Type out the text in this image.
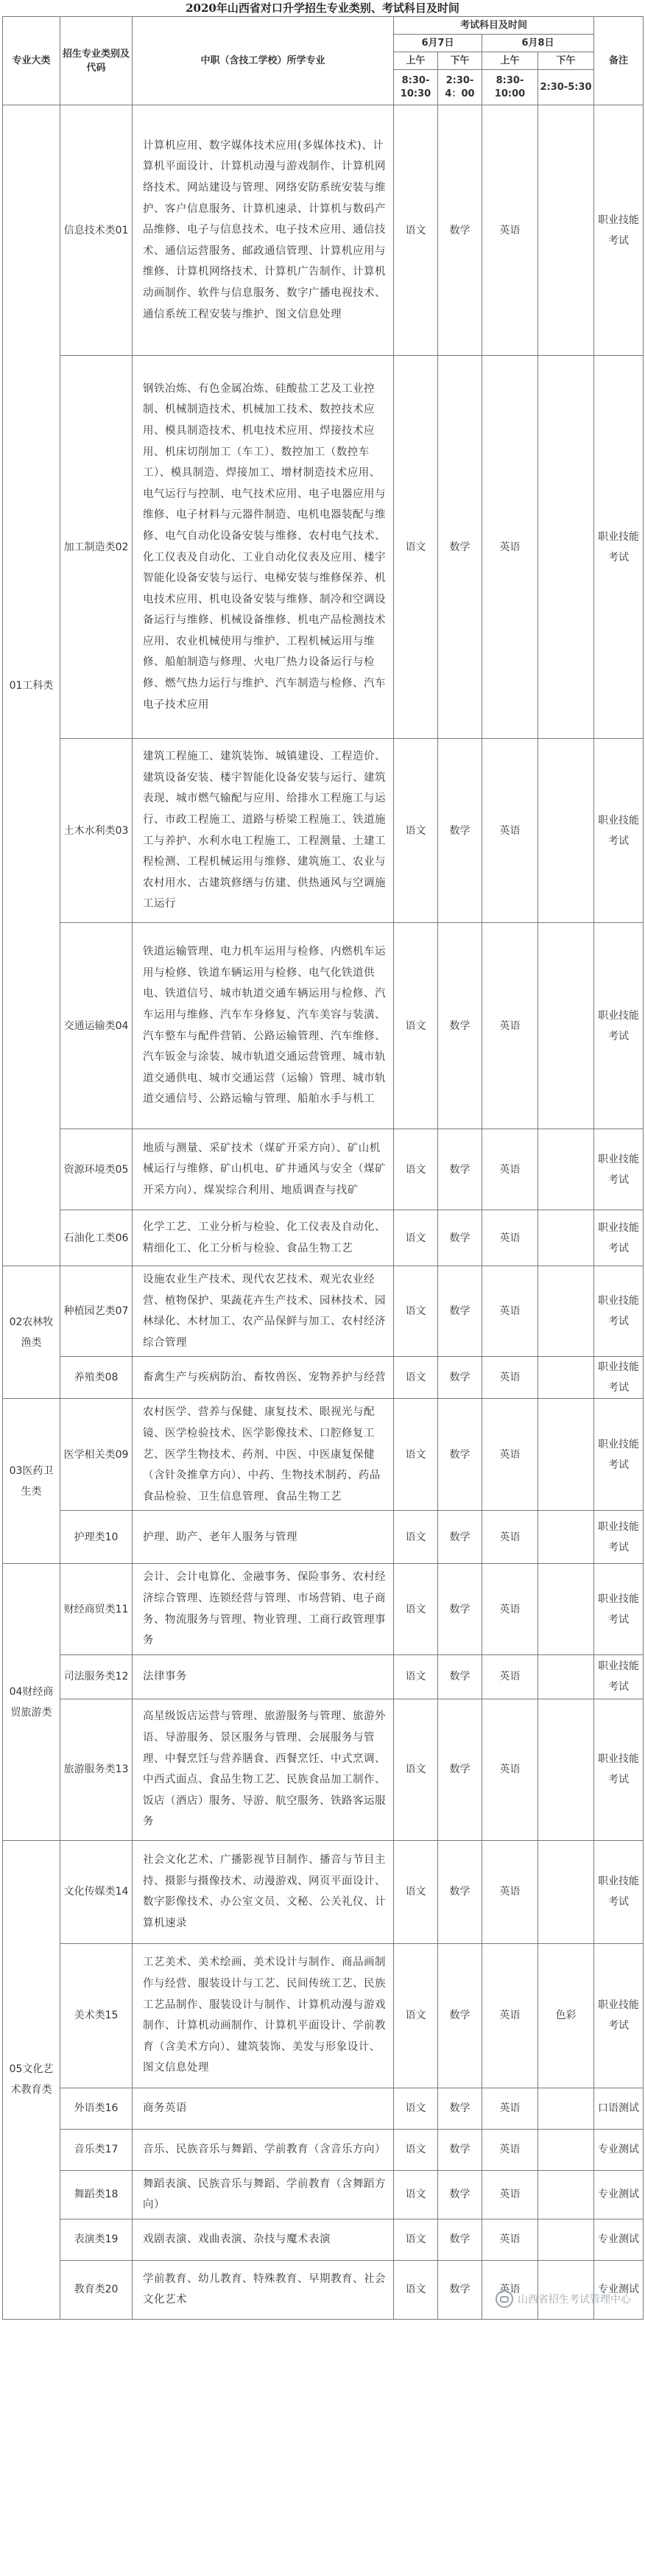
2020年山西省对口升学招生专业类别、考试科目及时间
专业大类	招生专业类别及代码	中职（含技工学校）所学专业	考试科目及时间				备注
			6月7日		6月8日		
			上午	下午	上午	下午	
			8:30-10:30	2:30-4：00	8:30-10:00	2:30-5:30	
01工科类	信息技术类01	计算机应用、数字媒体技术应用(多媒体技术)、计算机平面设计、计算机动漫与游戏制作、计算机网络技术、网站建设与管理、网络安防系统安装与维护、客户信息服务、计算机速录、计算机与数码产品维修、电子与信息技术、电子技术应用、通信技术、通信运营服务、邮政通信管理、计算机应用与维修、计算机网络技术、计算机广告制作、计算机动画制作、软件与信息服务、数字广播电视技术、通信系统工程安装与维护、图文信息处理	语文	数学	英语		职业技能考试
	加工制造类02	钢铁冶炼、有色金属冶炼、硅酸盐工艺及工业控制、机械制造技术、机械加工技术、数控技术应用、模具制造技术、机电技术应用、焊接技术应用、机床切削加工（车工）、数控加工（数控车工）、模具制造、焊接加工、增材制造技术应用、电气运行与控制、电气技术应用、电子电器应用与维修、电子材料与元器件制造、电机电器装配与维修、电气自动化设备安装与维修、农村电气技术、化工仪表及自动化、工业自动化仪表及应用、楼宇智能化设备安装与运行、电梯安装与维修保养、机电技术应用、机电设备安装与维修、制冷和空调设备运行与维修、机械设备维修、机电产品检测技术应用、农业机械使用与维护、工程机械运用与维修、船舶制造与修理、火电厂热力设备运行与检修、燃气热力运行与维护、汽车制造与检修、汽车电子技术应用	语文	数学	英语		职业技能考试
	土木水利类03	建筑工程施工、建筑装饰、城镇建设、工程造价、建筑设备安装、楼宇智能化设备安装与运行、建筑表现、城市燃气输配与应用、给排水工程施工与运行、市政工程施工、道路与桥梁工程施工、铁道施工与养护、水利水电工程施工、工程测量、土建工程检测、工程机械运用与维修、建筑施工、农业与农村用水、古建筑修缮与仿建、供热通风与空调施工运行	语文	数学	英语		职业技能考试
	交通运输类04	铁道运输管理、电力机车运用与检修、内燃机车运用与检修、铁道车辆运用与检修、电气化铁道供电、铁道信号、城市轨道交通车辆运用与检修、汽车运用与维修、汽车车身修复、汽车美容与装潢、汽车整车与配件营销、公路运输管理、汽车维修、汽车钣金与涂装、城市轨道交通运营管理、城市轨道交通供电、城市交通运营（运输）管理、城市轨道交通信号、公路运输与管理、船舶水手与机工	语文	数学	英语		职业技能考试
	资源环境类05	地质与测量、采矿技术（煤矿开采方向）、矿山机械运行与维修、矿山机电、矿井通风与安全（煤矿开采方向）、煤炭综合利用、地质调查与找矿	语文	数学	英语		职业技能考试
	石油化工类06	化学工艺、工业分析与检验、化工仪表及自动化、精细化工、化工分析与检验、食品生物工艺	语文	数学	英语		职业技能考试
02农林牧渔类	种植园艺类07	设施农业生产技术、现代农艺技术、观光农业经营、植物保护、果蔬花卉生产技术、园林技术、园林绿化、木材加工、农产品保鲜与加工、农村经济综合管理	语文	数学	英语		职业技能考试
	养殖类08	畜禽生产与疾病防治、畜牧兽医、宠物养护与经营	语文	数学	英语		职业技能考试
03医药卫生类	医学相关类09	农村医学、营养与保健、康复技术、眼视光与配镜、医学检验技术、医学影像技术、口腔修复工艺、医学生物技术、药剂、中医、中医康复保健（含针灸推拿方向）、中药、生物技术制药、药品食品检验、卫生信息管理、食品生物工艺	语文	数学	英语		职业技能考试
	护理类10	护理、助产、老年人服务与管理	语文	数学	英语		职业技能考试
04财经商贸旅游类	财经商贸类11	会计、会计电算化、金融事务、保险事务、农村经济综合管理、连锁经营与管理、市场营销、电子商务、物流服务与管理、物业管理、工商行政管理事务	语文	数学	英语		职业技能考试
	司法服务类12	法律事务	语文	数学	英语		职业技能考试
	旅游服务类13	高星级饭店运营与管理、旅游服务与管理、旅游外语、导游服务、景区服务与管理、会展服务与管理、中餐烹饪与营养膳食、西餐烹饪、中式烹调、中西式面点、食品生物工艺、民族食品加工制作、饭店（酒店）服务、导游、航空服务、铁路客运服务	语文	数学	英语		职业技能考试
05文化艺术教育类	文化传媒类14	社会文化艺术、广播影视节目制作、播音与节目主持、摄影与摄像技术、动漫游戏、网页平面设计、数字影像技术、办公室文员、文秘、公关礼仪、计算机速录	语文	数学	英语		职业技能考试
	美术类15	工艺美术、美术绘画、美术设计与制作、商品画制作与经营、服装设计与工艺、民间传统工艺、民族工艺品制作、服装设计与制作、计算机动漫与游戏制作、计算机动画制作、计算机平面设计、学前教育（含美术方向）、建筑装饰、美发与形象设计、图文信息处理	语文	数学	英语	色彩	职业技能考试
	外语类16	商务英语	语文	数学	英语		口语测试
	音乐类17	音乐、民族音乐与舞蹈、学前教育（含音乐方向）	语文	数学	英语		专业测试
	舞蹈类18	舞蹈表演、民族音乐与舞蹈、学前教育（含舞蹈方向）	语文	数学	英语		专业测试
	表演类19	戏剧表演、戏曲表演、杂技与魔术表演	语文	数学	英语		专业测试
	教育类20	学前教育、幼儿教育、特殊教育、早期教育、社会文化艺术	语文	数学	英语		专业测试
山西省招生考试管理中心
